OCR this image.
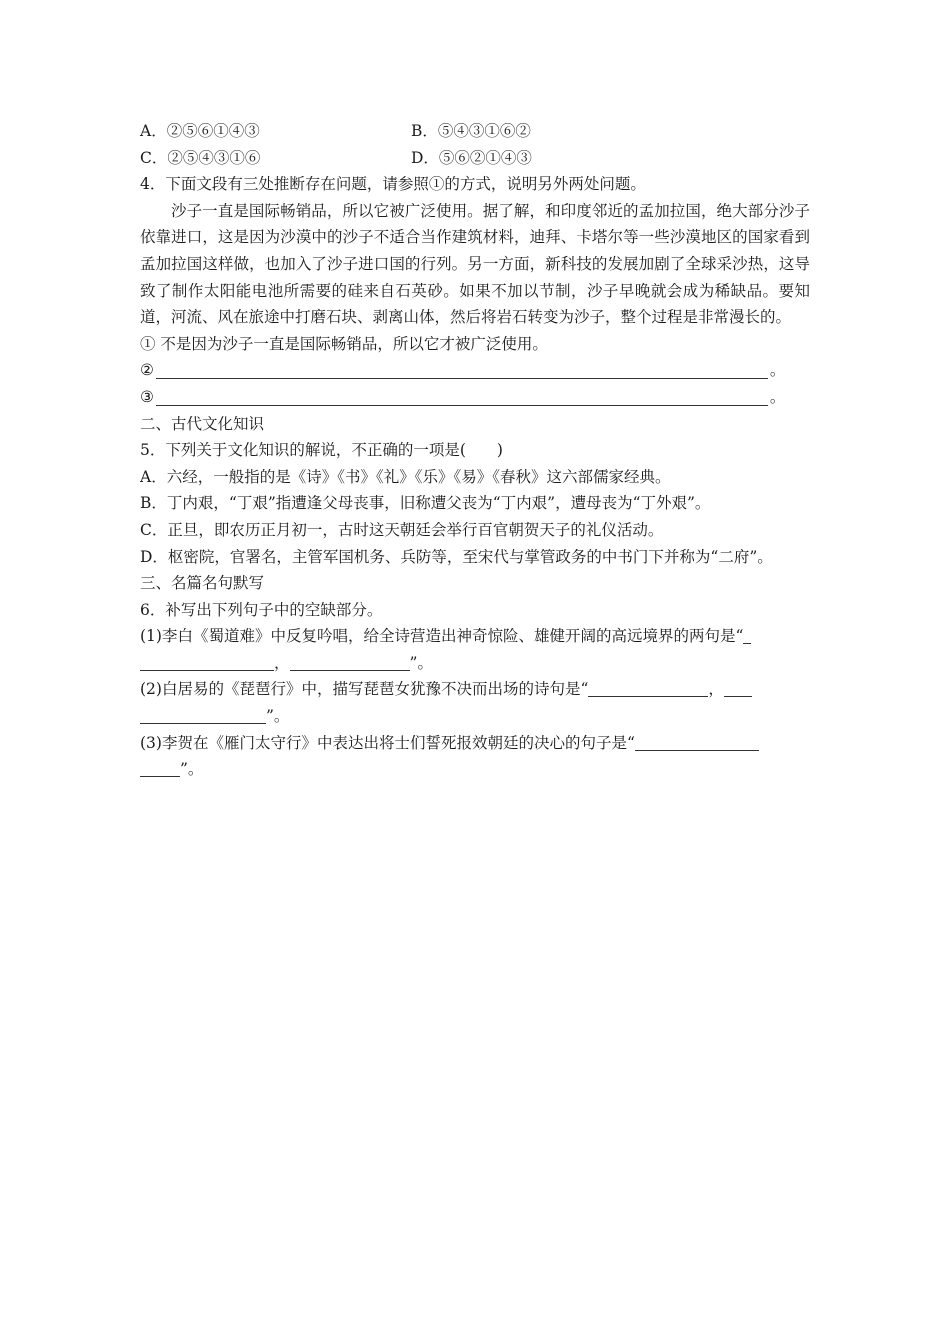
A．②⑤⑥①④③	B．⑤④③①⑥②
C．②⑤④③①⑥	D．⑤⑥②①④③
4．下面文段有三处推断存在问题，请参照①的方式，说明另外两处问题。
沙子一直是国际畅销品，所以它被广泛使用。据了解，和印度邻近的孟加拉国，绝大部分沙子依靠进口，这是因为沙漠中的沙子不适合当作建筑材料，迪拜、卡塔尔等一些沙漠地区的国家看到孟加拉国这样做，也加入了沙子进口国的行列。另一方面，新科技的发展加剧了全球采沙热，这导致了制作太阳能电池所需要的硅来自石英砂。如果不加以节制，沙子早晚就会成为稀缺品。要知道，河流、风在旅途中打磨石块、剥离山体，然后将岩石转变为沙子，整个过程是非常漫长的。
① 不是因为沙子一直是国际畅销品，所以它才被广泛使用。
②	。
③	。
二、古代文化知识
5．下列关于文化知识的解说，不正确的一项是(　　)
A．六经，一般指的是《诗》《书》《礼》《乐》《易》《春秋》这六部儒家经典。
B．丁内艰，“丁艰”指遭逢父母丧事，旧称遭父丧为“丁内艰”，遭母丧为“丁外艰”。
C．正旦，即农历正月初一，古时这天朝廷会举行百官朝贺天子的礼仪活动。
D．枢密院，官署名，主管军国机务、兵防等，至宋代与掌管政务的中书门下并称为“二府”。
三、名篇名句默写
6．补写出下列句子中的空缺部分。
(1)李白《蜀道难》中反复吟唱，给全诗营造出神奇惊险、雄健开阔的高远境界的两句是“
，	”。
(2)白居易的《琵琶行》中，描写琵琶女犹豫不决而出场的诗句是“	，
”。
(3)李贺在《雁门太守行》中表达出将士们誓死报效朝廷的决心的句子是“
”。
